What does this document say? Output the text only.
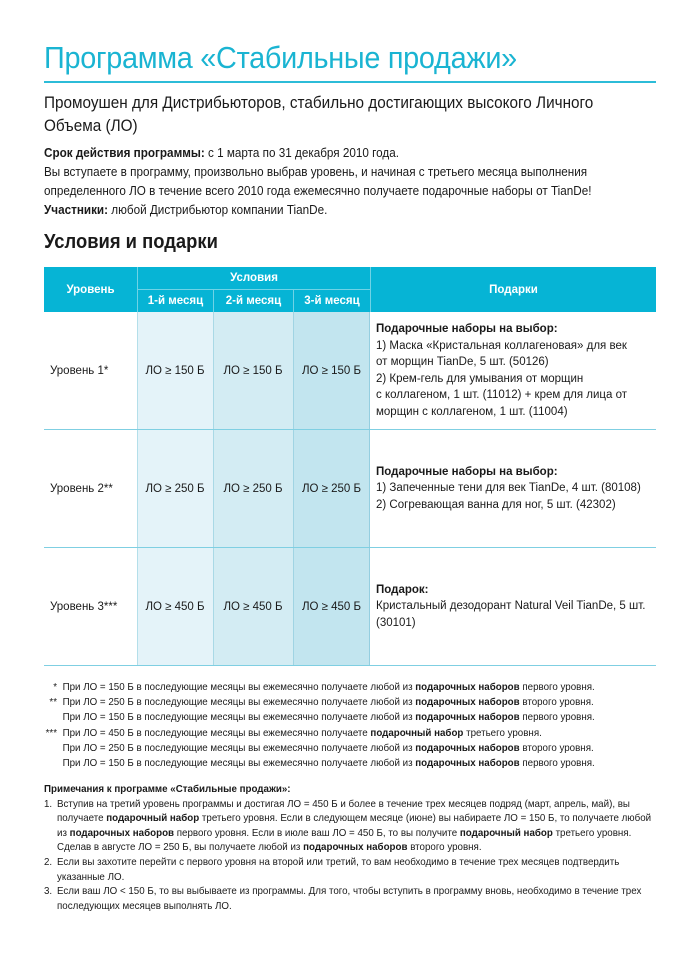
Программа «Стабильные продажи»
Промоушен для Дистрибьюторов, стабильно достигающих высокого Личного Объема (ЛО)

Срок действия программы: с 1 марта по 31 декабря 2010 года.

Вы вступаете в программу, произвольно выбрав уровень, и начиная с третьего месяца выполнения

определенного ЛО в течение всего 2010 года ежемесячно получаете подарочные наборы от TianDe!

Участники: любой Дистрибьютор компании TianDe.

Условия и подарки
Уровень
Условия
1-й месяц	2-й месяц	3-й месяц
Подарки
Уровень 1*	ЛО ≥ 150 Б	ЛО ≥ 150 Б	ЛО ≥ 150 Б
Подарочные наборы на выбор:
1) Маска «Кристальная коллагеновая» для век
от морщин TianDe, 5 шт. (50126)
2) Крем-гель для умывания от морщин
с коллагеном, 1 шт. (11012) + крем для лица от
морщин с коллагеном, 1 шт. (11004)
Уровень 2**	ЛО ≥ 250 Б	ЛО ≥ 250 Б	ЛО ≥ 250 Б
Подарочные наборы на выбор:
1) Запеченные тени для век TianDe, 4 шт. (80108)
2) Согревающая ванна для ног, 5 шт. (42302)
Уровень 3***	ЛО ≥ 450 Б	ЛО ≥ 450 Б	ЛО ≥ 450 Б
Подарок:
Кристальный дезодорант Natural Veil TianDe, 5 шт.
(30101)
* При ЛО = 150 Б в последующие месяцы вы ежемесячно получаете любой из подарочных наборов первого уровня.
** При ЛО = 250 Б в последующие месяцы вы ежемесячно получаете любой из подарочных наборов второго уровня.
При ЛО = 150 Б в последующие месяцы вы ежемесячно получаете любой из подарочных наборов первого уровня.
*** При ЛО = 450 Б в последующие месяцы вы ежемесячно получаете подарочный набор третьего уровня.
При ЛО = 250 Б в последующие месяцы вы ежемесячно получаете любой из подарочных наборов второго уровня.
При ЛО = 150 Б в последующие месяцы вы ежемесячно получаете любой из подарочных наборов первого уровня.
Примечания к программе «Стабильные продажи»:
1. Вступив на третий уровень программы и достигая ЛО = 450 Б и более в течение трех месяцев подряд (март, апрель, май), вы получаете подарочный набор третьего уровня. Если в следующем месяце (июне) вы набираете ЛО = 150 Б, то получаете любой из подарочных наборов первого уровня. Если в июле ваш ЛО = 450 Б, то вы получите подарочный набор третьего уровня. Сделав в августе ЛО = 250 Б, вы получаете любой из подарочных наборов второго уровня.
2. Если вы захотите перейти с первого уровня на второй или третий, то вам необходимо в течение трех месяцев подтвердить указанные ЛО.
3. Если ваш ЛО < 150 Б, то вы выбываете из программы. Для того, чтобы вступить в программу вновь, необходимо в течение трех последующих месяцев выполнять ЛО.
